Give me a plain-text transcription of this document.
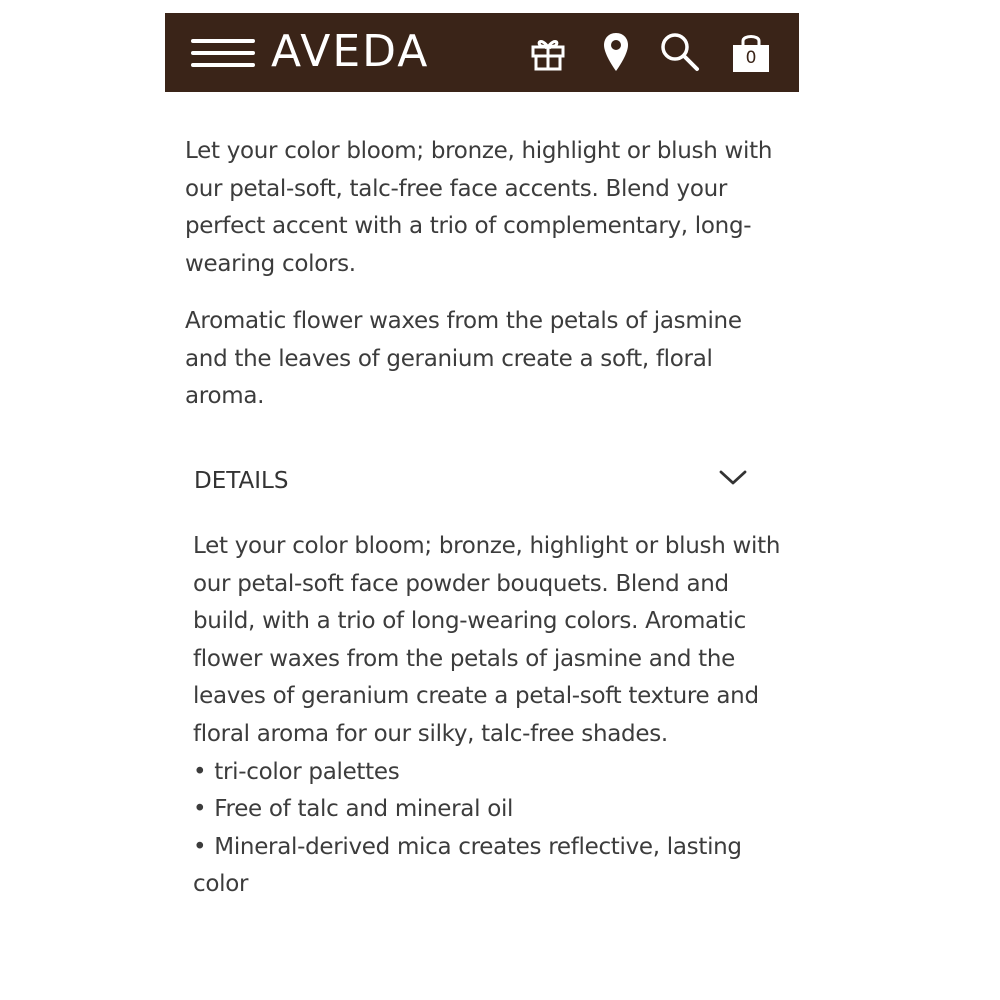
AVEDA	0

Let your color bloom; bronze, highlight or blush with our petal-soft, talc-free face accents. Blend your perfect accent with a trio of complementary, long-wearing colors.

Aromatic flower waxes from the petals of jasmine and the leaves of geranium create a soft, floral aroma.

DETAILS

Let your color bloom; bronze, highlight or blush with our petal-soft face powder bouquets. Blend and build, with a trio of long-wearing colors. Aromatic flower waxes from the petals of jasmine and the leaves of geranium create a petal-soft texture and floral aroma for our silky, talc-free shades.

• tri-color palettes
• Free of talc and mineral oil
• Mineral-derived mica creates reflective, lasting color
